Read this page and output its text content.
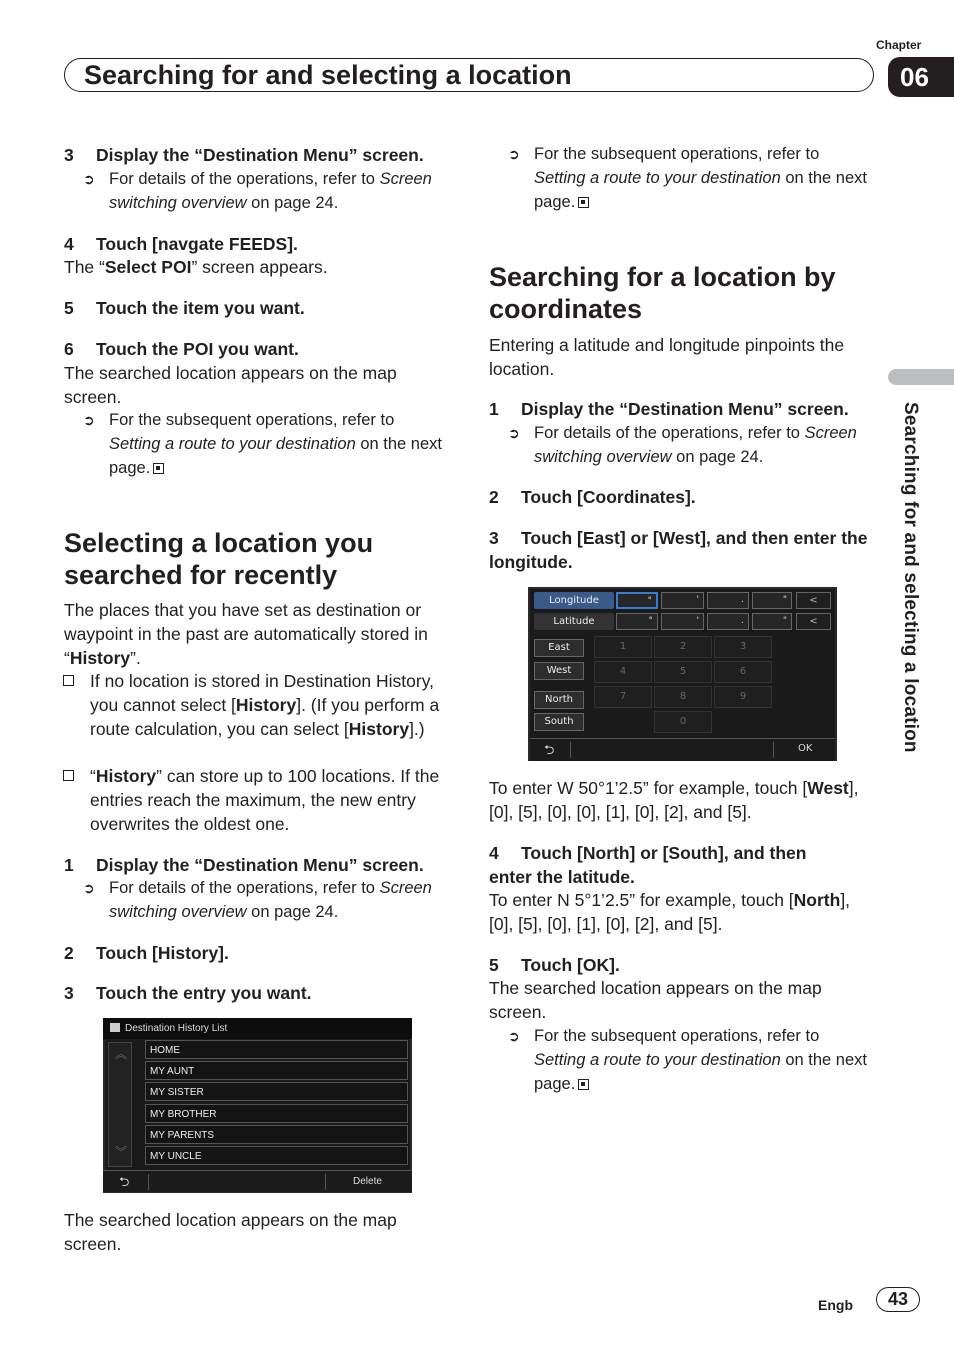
Chapter
06
Searching for and selecting a location
Searching for and selecting a location
3 Display the “Destination Menu” screen.
➲ For details of the operations, refer to Screen switching overview on page 24.
4 Touch [navgate FEEDS].
The “Select POI” screen appears.
5 Touch the item you want.
6 Touch the POI you want.
The searched location appears on the map screen.
➲ For the subsequent operations, refer to Setting a route to your destination on the next page.
Selecting a location you searched for recently
The places that you have set as destination or waypoint in the past are automatically stored in “History”.
If no location is stored in Destination History, you cannot select [History]. (If you perform a route calculation, you can select [History].)
“History” can store up to 100 locations. If the entries reach the maximum, the new entry overwrites the oldest one.
1 Display the “Destination Menu” screen.
➲ For details of the operations, refer to Screen switching overview on page 24.
2 Touch [History].
3 Touch the entry you want.
Destination History List
︽
︾
HOME
MY AUNT
MY SISTER
MY BROTHER
MY PARENTS
MY UNCLE
⮌	Delete
The searched location appears on the map screen.
➲ For the subsequent operations, refer to Setting a route to your destination on the next page.
Searching for a location by coordinates
Entering a latitude and longitude pinpoints the location.
1 Display the “Destination Menu” screen.
➲ For details of the operations, refer to Screen switching overview on page 24.
2 Touch [Coordinates].
3 Touch [East] or [West], and then enter the longitude.
Longitude
Latitude
°	'	.	"	<
°	'	.	"	<
East
West
North
South
1	2	3
4	5	6
7	8	9
0
⮌	OK
To enter W 50°1’2.5” for example, touch [West], [0], [5], [0], [0], [1], [0], [2], and [5].
4 Touch [North] or [South], and then
enter the latitude.
To enter N 5°1’2.5” for example, touch [North], [0], [5], [0], [1], [0], [2], and [5].
5 Touch [OK].
The searched location appears on the map screen.
➲ For the subsequent operations, refer to Setting a route to your destination on the next page.
Engb	43
